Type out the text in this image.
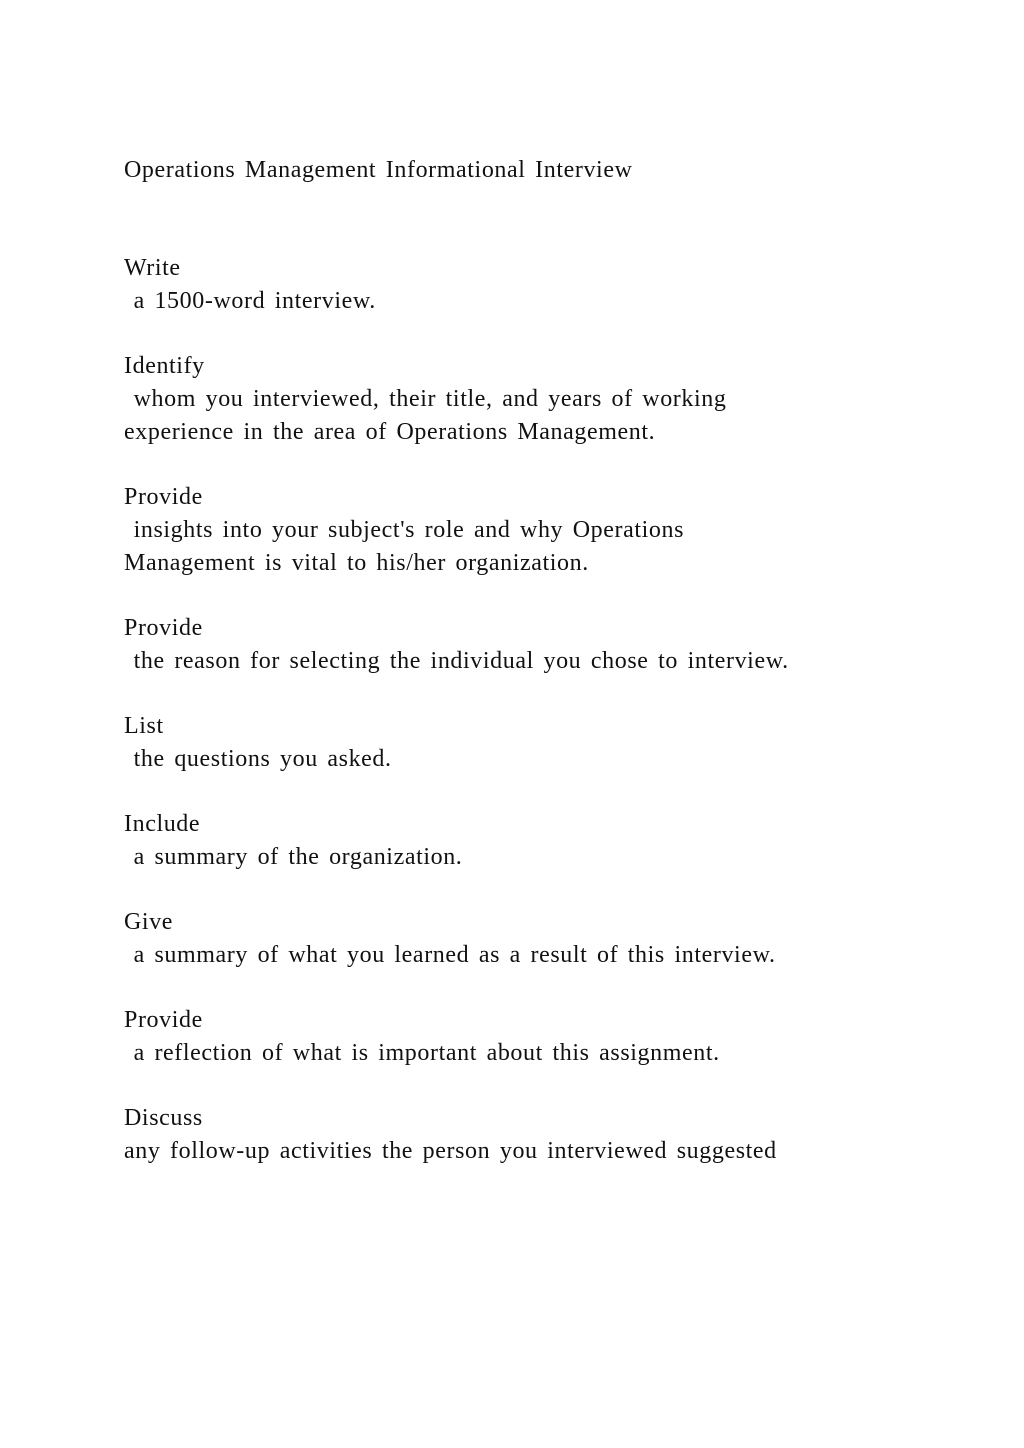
Operations Management Informational Interview
Write
a 1500-word interview.
Identify
whom you interviewed, their title, and years of working
experience in the area of Operations Management.
Provide
insights into your subject's role and why Operations
Management is vital to his/her organization.
Provide
the reason for selecting the individual you chose to interview.
List
the questions you asked.
Include
a summary of the organization.
Give
a summary of what you learned as a result of this interview.
Provide
a reflection of what is important about this assignment.
Discuss
any follow-up activities the person you interviewed suggested
